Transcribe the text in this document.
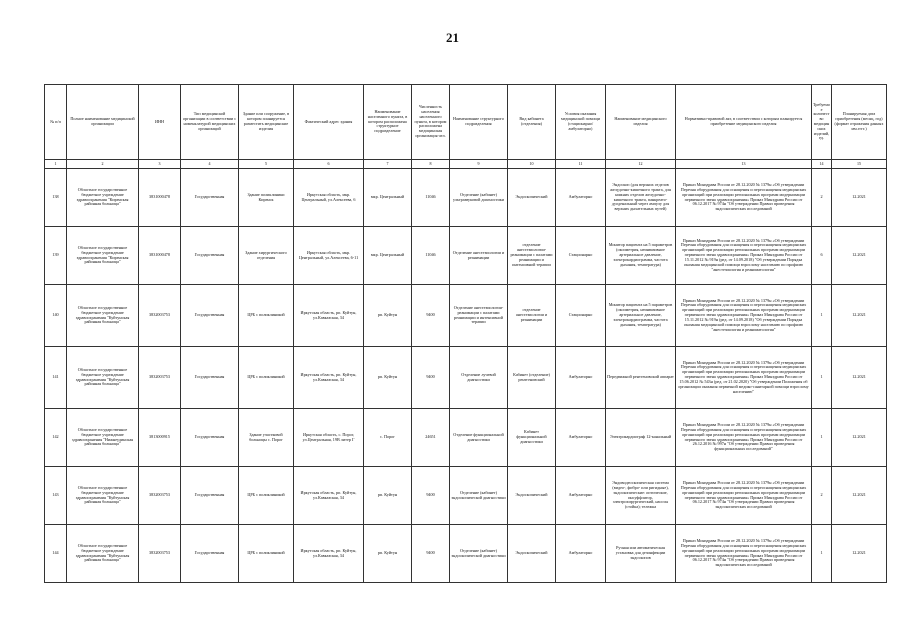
21
№ п/п	Полное наименование медицинской организации	ИНН	Тип медицинской организации в соответствии с номенклатурой медицинских организаций	Здание или сооружение, в котором планируется разместить медицинские изделия	Фактический адрес здания	Наименование населенного пункта, в котором расположена структурное подразделение	Численность населения населенного пункта, в котором расположена медицинская организация чел.	Наименование структурного подразделения	Вид кабинета (отделения)	Условия оказания медицинской помощи (стационарно/амбулаторно)	Наименование медицинского изделия	Нормативно-правовой акт, в соответствии с которым планируется приобретение медицинского изделия	Требуемое количество медицинских изделий, ед.	Планируемая дата приобретения (месяц, год) (формат отражения данных мм.гггг.)
1	2	3	4	5	6	7	8	9	10	11	12	13	14	15
138	Областное государственное бюджетное учреждение здравоохранения "Киренская районная больница"	3831000478	Государственная	Здание поликлиники Киренск	Иркутская область, мкр. Центральный, ул.Алексеева, 6	мкр. Центральный	11046	Отделение (кабинет) ультразвуковой диагностики	Эндоскопический	Амбулаторно	Эндоскоп (для верхних отделов желудочно-кишечного тракта, для нижних отделов желудочно-кишечного тракта, панкреато-дуоденальный через ампулу для верхних дыхательных путей)	Приказ Минздрава России от 28.12.2020 № 1379н «Об утверждении Перечня оборудования для оснащения и переоснащения медицинских организаций при реализации региональных программ модернизации первичного звена здравоохранения» Приказ Минздрава России от 06.12.2017 № 974н "Об утверждении Правил проведения эндоскопических исследований	2	12.2021
139	Областное государственное бюджетное учреждение здравоохранения "Киренская районная больница"	3831000478	Государственная	Здание хирургического отделения	Иркутская область, мкр. Центральный, ул.Алексеева, 6-11	мкр. Центральный	11046	Отделение анестезиологии и реанимации	отделение анестезиологии-реанимации с палатами реанимации и интенсивной терапии	Стационарно	Монитор пациента на 5 параметров (оксиметрия, неинвазивное артериальное давление, электрокардиограмма, частота дыхания, температура)	Приказ Минздрава России от 28.12.2020 № 1379н «Об утверждении Перечня оборудования для оснащения и переоснащения медицинских организаций при реализации региональных программ модернизации первичного звена здравоохранения» Приказ Минздрава России от 15.11.2012 № 919н (ред. от 14.09.2018) "Об утверждении Порядка оказания медицинской помощи взрослому населению по профилю "анестезиология и реаниматология"	6	12.2021
140	Областное государственное бюджетное учреждение здравоохранения "Куйтунская районная больница"	3832003753	Государственная	ЦРБ с поликлиникой	Иркутская область, рп. Куйтун, ул.Кавказская, 34	рп. Куйтун	9400	Отделение анестезиологии-реанимации с палатами реанимации и интенсивной терапии	отделение анестезиологии и реанимации	Стационарно	Монитор пациента на 5 параметров (оксиметрия, неинвазивное артериальное давление, электрокардиограмма, частота дыхания, температура)	Приказ Минздрава России от 28.12.2020 № 1379н «Об утверждении Перечня оборудования для оснащения и переоснащения медицинских организаций при реализации региональных программ модернизации первичного звена здравоохранения» Приказ Минздрава России от 15.11.2012 № 919н (ред. от 14.09.2018) "Об утверждении Порядка оказания медицинской помощи взрослому населению по профилю "анестезиология и реаниматология"	1	12.2021
141	Областное государственное бюджетное учреждение здравоохранения "Куйтунская районная больница"	3832003753	Государственная	ЦРБ с поликлиникой	Иркутская область, рп. Куйтун, ул.Кавказская, 34	рп. Куйтун	9400	Отделение лучевой диагностики	Кабинет (отделение) рентгеновский	Амбулаторно	Передвижной рентгеновский аппарат	Приказ Минздрава России от 28.12.2020 № 1379н «Об утверждении Перечня оборудования для оснащения и переоснащения медицинских организаций при реализации региональных программ модернизации первичного звена здравоохранения» Приказ Минздрава России от 15.06.2012 № 543н (ред. от 21.02.2020) "Об утверждении Положения об организации оказания первичной медико-санитарной помощи взрослому населению"	1	12.2021
142	Областное государственное бюджетное учреждение здравоохранения "Нижнеудинская районная больница"	3813000915	Государственная	Здание участковой больницы с. Порог	Иркутская область, с. Порог, ул.Центральная, 19В литер Г	с. Порог	24651	Отделение функциональной диагностики	Кабинет функциональной диагностики	Амбулаторно	Электрокардиограф 12-канальный	Приказ Минздрава России от 28.12.2020 № 1379н «Об утверждении Перечня оборудования для оснащения и переоснащения медицинских организаций при реализации региональных программ модернизации первичного звена здравоохранения» Приказ Минздрава России от 26.12.2016 № 997н "Об утверждении Правил проведения функциональных исследований"	1	12.2021
143	Областное государственное бюджетное учреждение здравоохранения "Куйтунская районная больница"	3832003753	Государственная	ЦРБ с поликлиникой	Иркутская область, рп. Куйтун, ул.Кавказская, 34	рп. Куйтун	9400	Отделение (кабинет) эндоскопической диагностики	Эндоскопический	Амбулаторно	Эндовидеоскопическая система (видео-, фибро- или ригидные), эндоскопические: оптические, инсуффлятор, электрохирургический, насосы (стойка); тележка	Приказ Минздрава России от 28.12.2020 № 1379н «Об утверждении Перечня оборудования для оснащения и переоснащения медицинских организаций при реализации региональных программ модернизации первичного звена здравоохранения» Приказ Минздрава России от 06.12.2017 № 974н "Об утверждении Правил проведения эндоскопических исследований	2	12.2021
144	Областное государственное бюджетное учреждение здравоохранения "Куйтунская районная больница"	3832003753	Государственная	ЦРБ с поликлиникой	Иркутская область, рп. Куйтун, ул.Кавказская, 34	рп. Куйтун	9400	Отделение (кабинет) эндоскопической диагностики	Эндоскопический	Амбулаторно	Ручная или автоматическая установка для дезинфекции эндоскопов	Приказ Минздрава России от 28.12.2020 № 1379н «Об утверждении Перечня оборудования для оснащения и переоснащения медицинских организаций при реализации региональных программ модернизации первичного звена здравоохранения» Приказ Минздрава России от 06.12.2017 № 974н "Об утверждении Правил проведения эндоскопических исследований	1	12.2021
